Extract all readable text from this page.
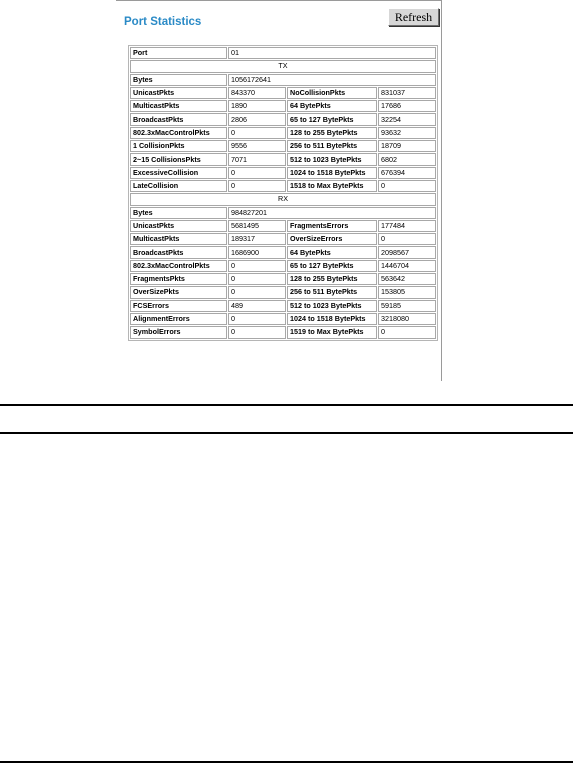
Port Statistics	Refresh
Port	01		
TX			
Bytes	1056172641		
UnicastPkts	843370	NoCollisionPkts	831037
MulticastPkts	1890	64 BytePkts	17686
BroadcastPkts	2806	65 to 127 BytePkts	32254
802.3xMacControlPkts	0	128 to 255 BytePkts	93632
1 CollisionPkts	9556	256 to 511 BytePkts	18709
2~15 CollisionsPkts	7071	512 to 1023 BytePkts	6802
ExcessiveCollision	0	1024 to 1518 BytePkts	676394
LateCollision	0	1518 to Max BytePkts	0
RX			
Bytes	984827201		
UnicastPkts	5681495	FragmentsErrors	177484
MulticastPkts	189317	OverSizeErrors	0
BroadcastPkts	1686900	64 BytePkts	2098567
802.3xMacControlPkts	0	65 to 127 BytePkts	1446704
FragmentsPkts	0	128 to 255 BytePkts	563642
OverSizePkts	0	256 to 511 BytePkts	153805
FCSErrors	489	512 to 1023 BytePkts	59185
AlignmentErrors	0	1024 to 1518 BytePkts	3218080
SymbolErrors	0	1519 to Max BytePkts	0
